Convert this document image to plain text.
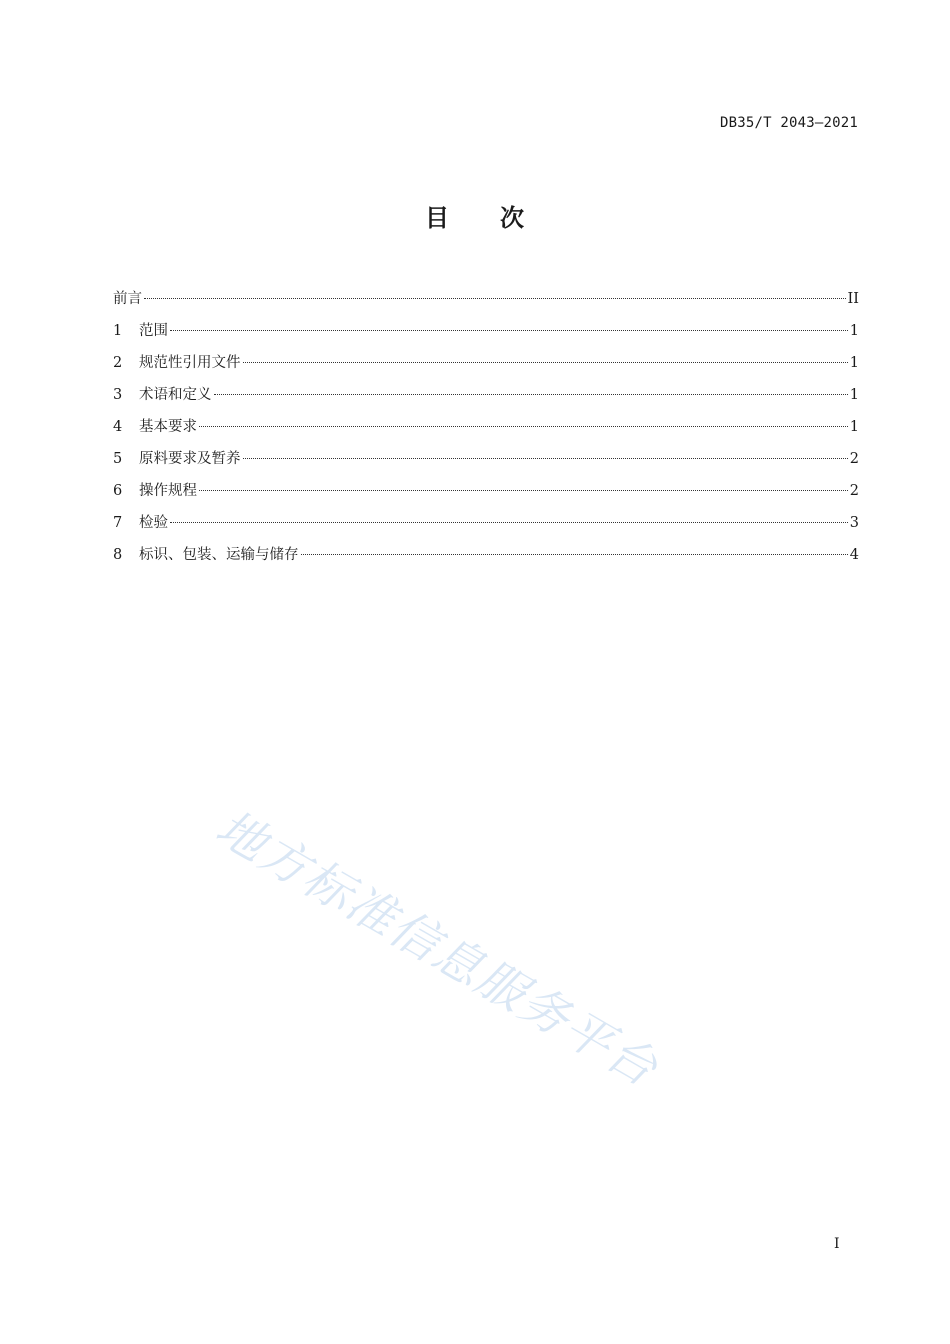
DB35/T 2043—2021
目 次
前言	II
1	范围	1
2	规范性引用文件	1
3	术语和定义	1
4	基本要求	1
5	原料要求及暂养	2
6	操作规程	2
7	检验	3
8	标识、包装、运输与储存	4
地方标准信息服务平台
I
